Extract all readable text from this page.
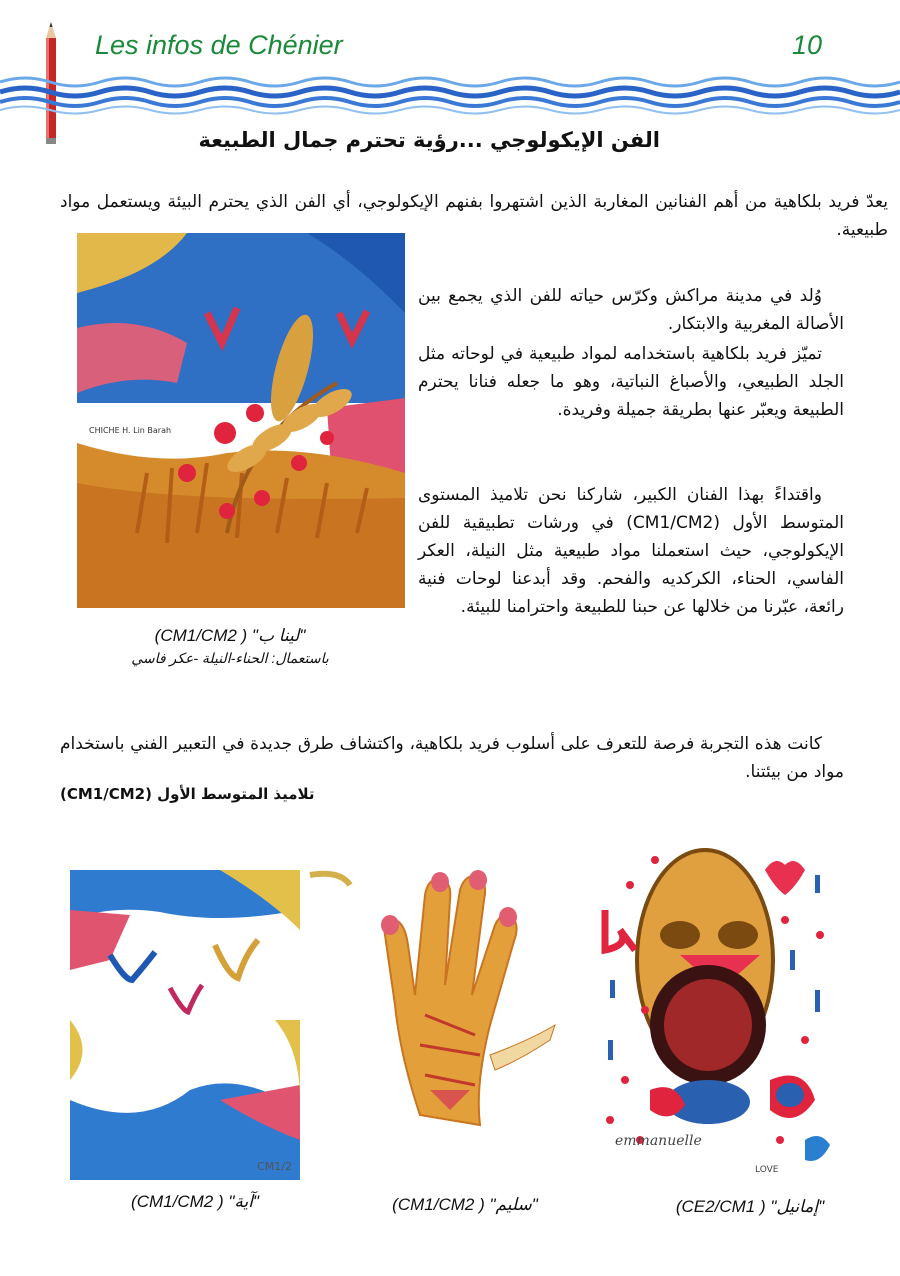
Les infos de Chénier	10
الفن الإيكولوجي ...رؤية تحترم جمال الطبيعة

يعدّ فريد بلكاهية من أهم الفنانين المغاربة الذين اشتهروا بفنهم الإيكولوجي، أي الفن الذي يحترم البيئة ويستعمل مواد طبيعية.

وُلد في مدينة مراكش وكرّس حياته للفن الذي يجمع بين الأصالة المغربية والابتكار.

تميّز فريد بلكاهية باستخدامه لمواد طبيعية في لوحاته مثل الجلد الطبيعي، والأصباغ النباتية، وهو ما جعله فنانا يحترم الطبيعة ويعبّر عنها بطريقة جميلة وفريدة.

واقتداءً بهذا الفنان الكبير، شاركنا نحن تلاميذ المستوى المتوسط الأول (CM1/CM2) في ورشات تطبيقية للفن الإيكولوجي، حيث استعملنا مواد طبيعية مثل النيلة، العكر الفاسي، الحناء، الكركديه والفحم. وقد أبدعنا لوحات فنية رائعة، عبّرنا من خلالها عن حبنا للطبيعة واحترامنا للبيئة.

CHICHE H. Lin Barah
"لينا ب" ( CM1/CM2)
باستعمال: الحناء-النيلة -عكر فاسي

كانت هذه التجربة فرصة للتعرف على أسلوب فريد بلكاهية، واكتشاف طرق جديدة في التعبير الفني باستخدام مواد من بيئتنا.

تلاميذ المتوسط الأول (CM1/CM2)
CM1/2
"آية" ( CM1/CM2)	"سليم" ( CM1/CM2)
emmanuelle
LOVE
"إمانيل" ( CE2/CM1)
